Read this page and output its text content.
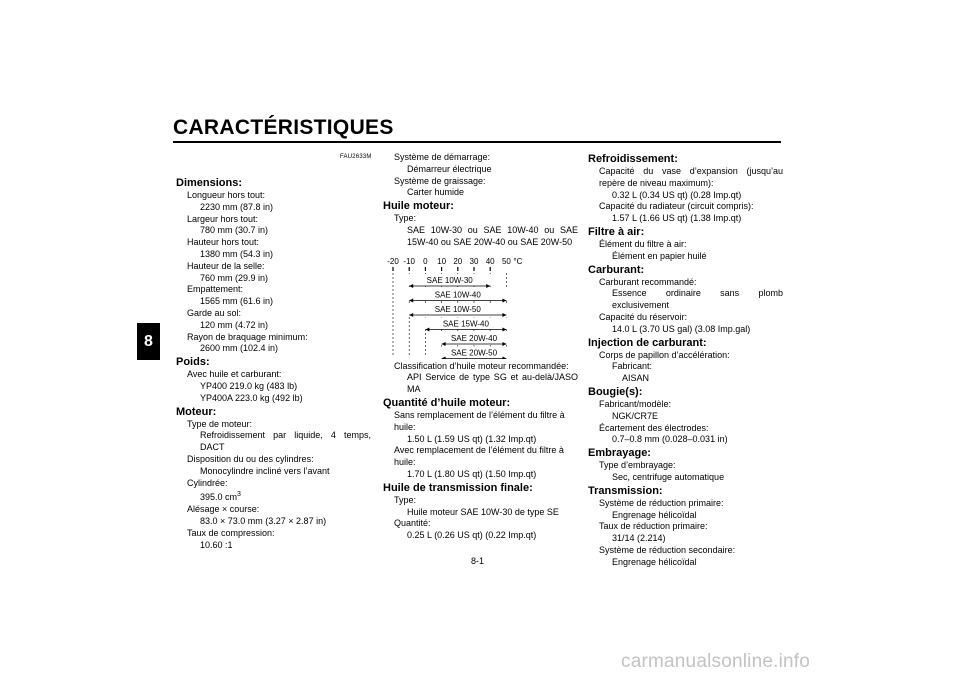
CARACTÉRISTIQUES
8
FAU2633M
Dimensions:
Longueur hors tout:
2230 mm (87.8 in)
Largeur hors tout:
780 mm (30.7 in)
Hauteur hors tout:
1380 mm (54.3 in)
Hauteur de la selle:
760 mm (29.9 in)
Empattement:
1565 mm (61.6 in)
Garde au sol:
120 mm (4.72 in)
Rayon de braquage minimum:
2600 mm (102.4 in)
Poids:
Avec huile et carburant:
YP400 219.0 kg (483 lb)
YP400A 223.0 kg (492 lb)
Moteur:
Type de moteur:
Refroidissement par liquide, 4 temps, DACT
Disposition du ou des cylindres:
Monocylindre incliné vers l’avant
Cylindrée:
395.0 $cm^3$
Alésage × course:
83.0 × 73.0 mm (3.27 × 2.87 in)
Taux de compression:
10.60 :1
Système de démarrage:
Démarreur électrique
Système de graissage:
Carter humide
Huile moteur:
Type:
SAE 10W-30 ou SAE 10W-40 ou SAE 15W-40 ou SAE 20W-40 ou SAE 20W-50
-20 -10 0 10 20 30 40 50 °C
SAE 10W-30
SAE 10W-40
SAE 10W-50
SAE 15W-40
SAE 20W-40
SAE 20W-50
Classification d’huile moteur recommandée:
API Service de type SG et au-delà/JASO MA
Quantité d’huile moteur:
Sans remplacement de l’élément du filtre à huile:
1.50 L (1.59 US qt) (1.32 Imp.qt)
Avec remplacement de l’élément du filtre à huile:
1.70 L (1.80 US qt) (1.50 Imp.qt)
Huile de transmission finale:
Type:
Huile moteur SAE 10W-30 de type SE
Quantité:
0.25 L (0.26 US qt) (0.22 Imp.qt)
Refroidissement:
Capacité du vase d’expansion (jusqu’au repère de niveau maximum):
0.32 L (0.34 US qt) (0.28 Imp.qt)
Capacité du radiateur (circuit compris):
1.57 L (1.66 US qt) (1.38 Imp.qt)
Filtre à air:
Élément du filtre à air:
Élément en papier huilé
Carburant:
Carburant recommandé:
Essence ordinaire sans plomb exclusivement
Capacité du réservoir:
14.0 L (3.70 US gal) (3.08 Imp.gal)
Injection de carburant:
Corps de papillon d’accélération:
Fabricant:
AISAN
Bougie(s):
Fabricant/modèle:
NGK/CR7E
Écartement des électrodes:
0.7–0.8 mm (0.028–0.031 in)
Embrayage:
Type d’embrayage:
Sec, centrifuge automatique
Transmission:
Système de réduction primaire:
Engrenage hélicoïdal
Taux de réduction primaire:
31/14 (2.214)
Système de réduction secondaire:
Engrenage hélicoïdal
8-1
carmanualsonline.info
